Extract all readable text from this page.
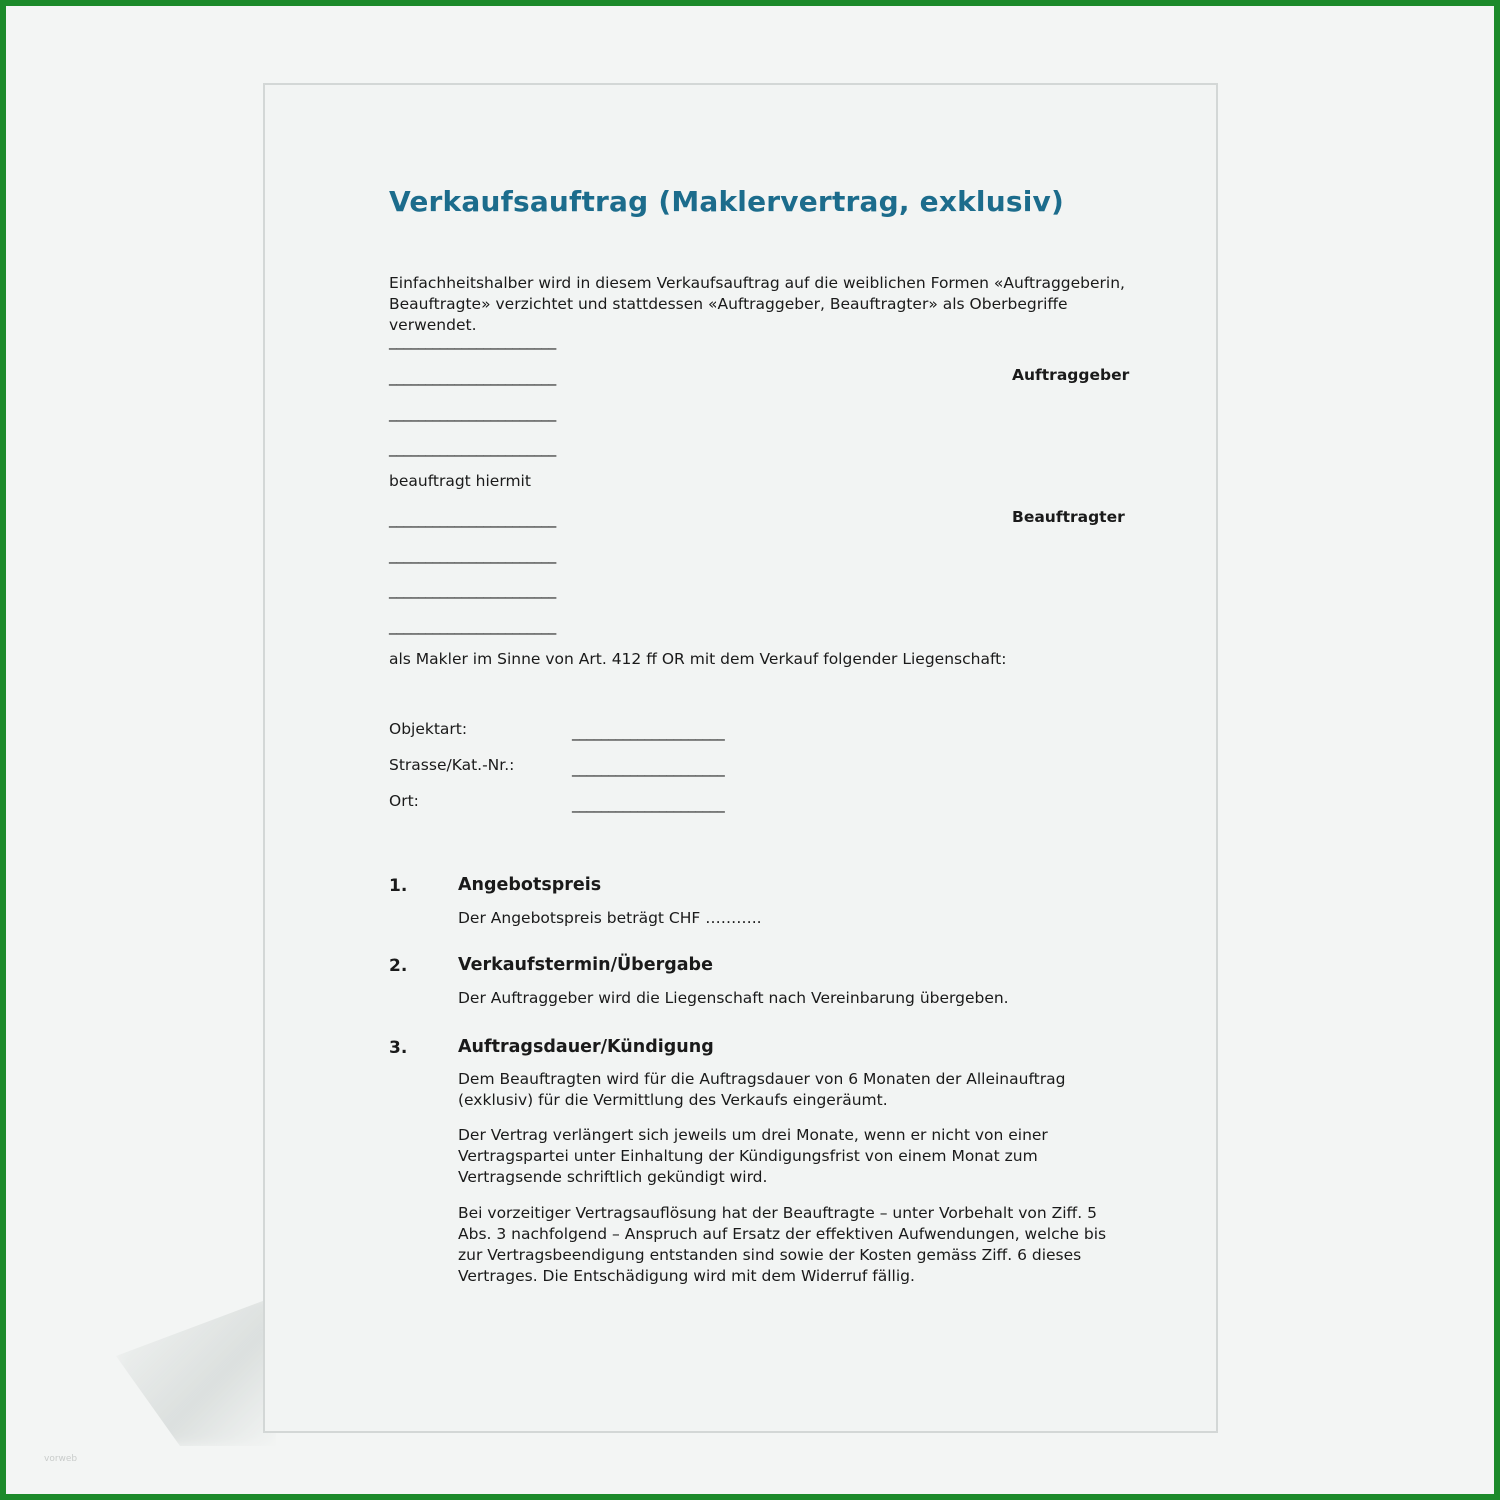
Verkaufsauftrag (Maklervertrag, exklusiv)
Einfachheitshalber wird in diesem Verkaufsauftrag auf die weiblichen Formen «Auftraggeberin, Beauftragte» verzichtet und stattdessen «Auftraggeber, Beauftragter» als Oberbegriffe verwendet.
_______________________
_______________________	Auftraggeber
_______________________
_______________________
beauftragt hiermit
_______________________	Beauftragter
_______________________
_______________________
_______________________
als Makler im Sinne von Art. 412 ff OR mit dem Verkauf folgender Liegenschaft:
Objektart:	_____________________
Strasse/Kat.-Nr.:	_____________________
Ort:	_____________________
1.	Angebotspreis
Der Angebotspreis beträgt CHF ………..
2.	Verkaufstermin/Übergabe
Der Auftraggeber wird die Liegenschaft nach Vereinbarung übergeben.
3.	Auftragsdauer/Kündigung
Dem Beauftragten wird für die Auftragsdauer von 6 Monaten der Alleinauftrag (exklusiv) für die Vermittlung des Verkaufs eingeräumt.
Der Vertrag verlängert sich jeweils um drei Monate, wenn er nicht von einer Vertragspartei unter Einhaltung der Kündigungsfrist von einem Monat zum Vertragsende schriftlich gekündigt wird.
Bei vorzeitiger Vertragsauflösung hat der Beauftragte – unter Vorbehalt von Ziff. 5 Abs. 3 nachfolgend – Anspruch auf Ersatz der effektiven Aufwendungen, welche bis zur Vertragsbeendigung entstanden sind sowie der Kosten gemäss Ziff. 6 dieses Vertrages. Die Entschädigung wird mit dem Widerruf fällig.
vorweb
